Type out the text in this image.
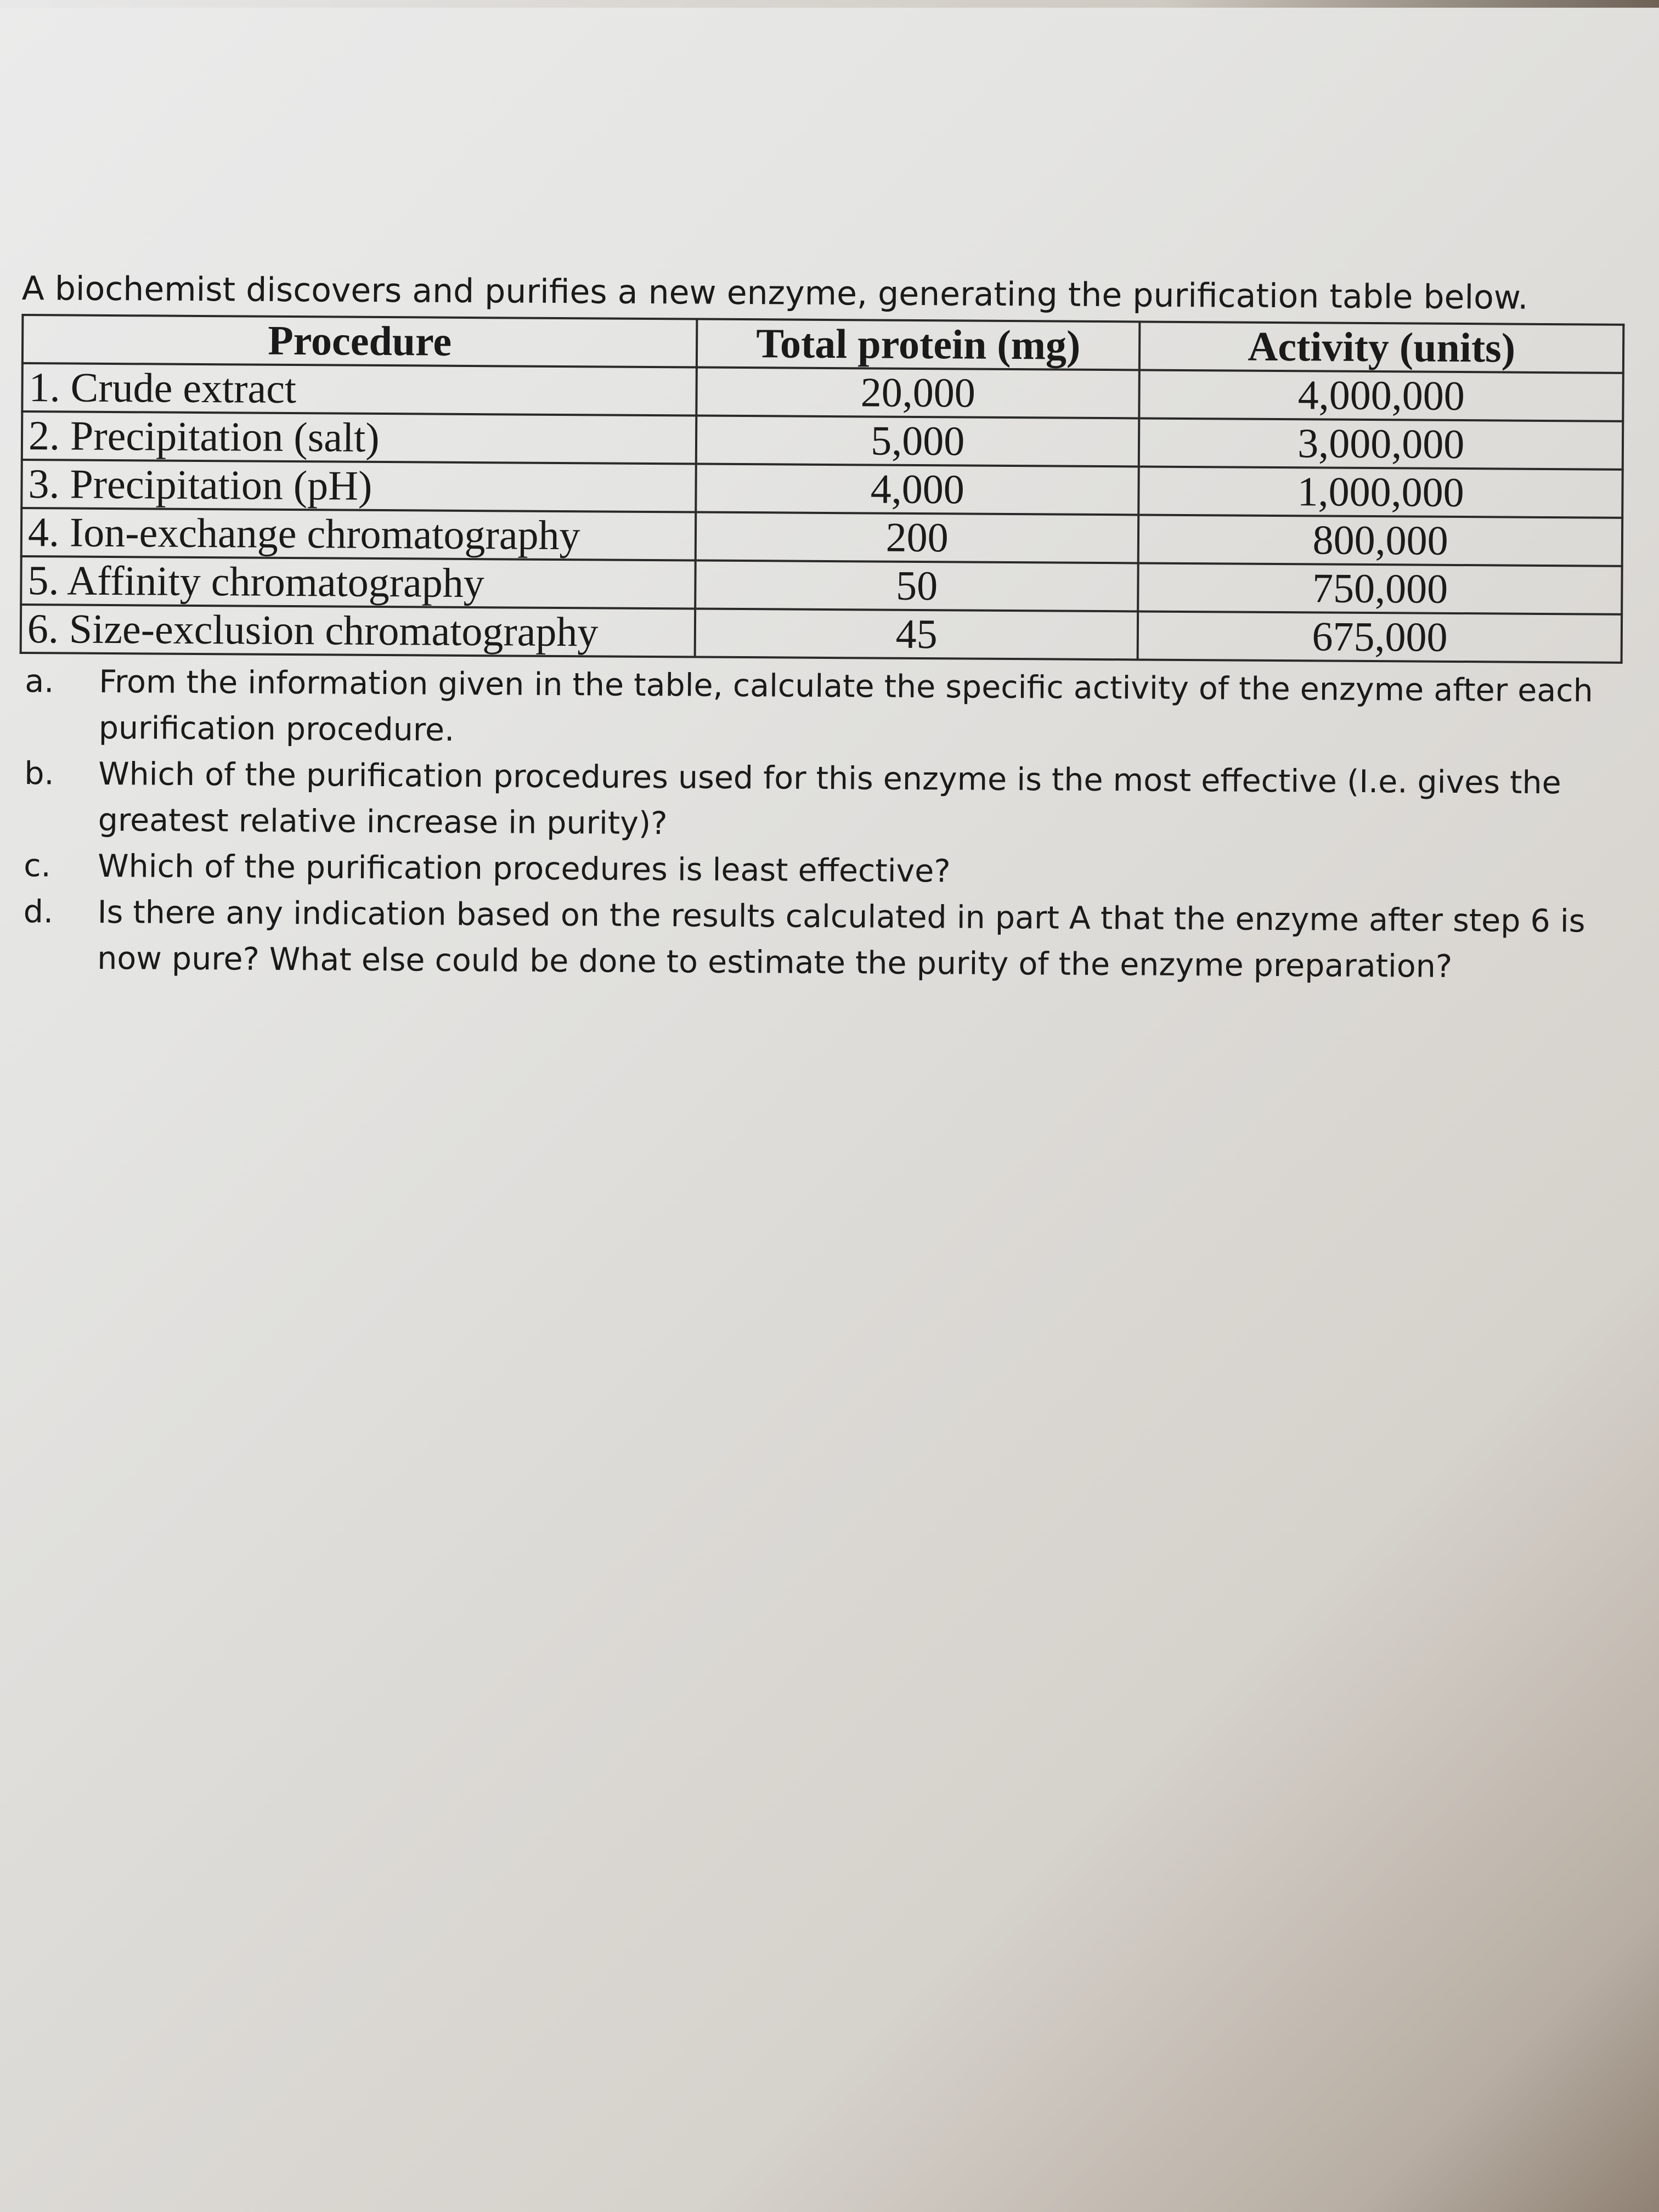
A biochemist discovers and purifies a new enzyme, generating the purification table below.

Procedure	Total protein (mg)	Activity (units)
1. Crude extract	20,000	4,000,000
2. Precipitation (salt)	5,000	3,000,000
3. Precipitation (pH)	4,000	1,000,000
4. Ion-exchange chromatography	200	800,000
5. Affinity chromatography	50	750,000
6. Size-exclusion chromatography	45	675,000
a.	From the information given in the table, calculate the specific activity of the enzyme after each purification procedure.
b.	Which of the purification procedures used for this enzyme is the most effective (I.e. gives the greatest relative increase in purity)?
c.	Which of the purification procedures is least effective?
d.	Is there any indication based on the results calculated in part A that the enzyme after step 6 is now pure? What else could be done to estimate the purity of the enzyme preparation?
